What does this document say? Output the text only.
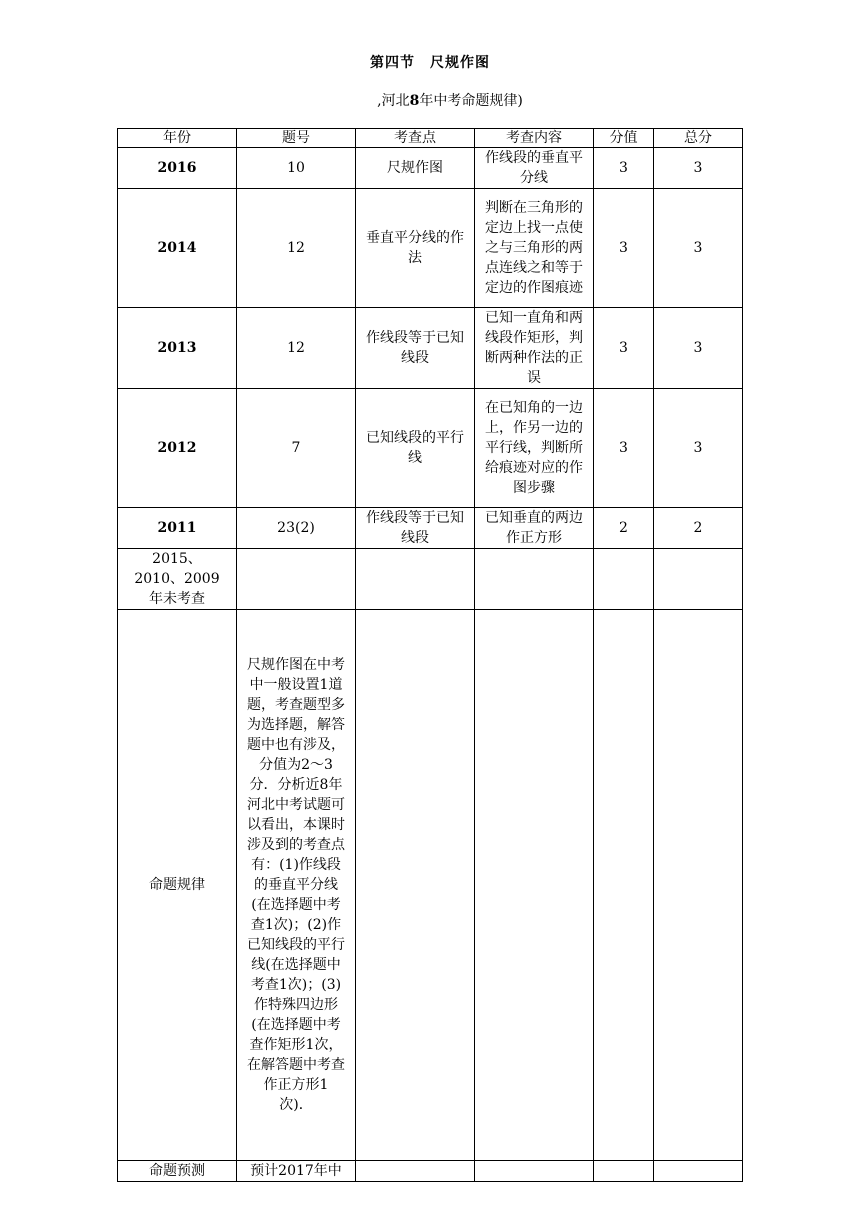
第四节　尺规作图
,河北8年中考命题规律)
年份	题号	考查点	考查内容	分值	总分
2016	10	尺规作图	作线段的垂直平分线	3	3
2014	12	垂直平分线的作法	判断在三角形的定边上找一点使之与三角形的两点连线之和等于定边的作图痕迹	3	3
2013	12	作线段等于已知线段	已知一直角和两线段作矩形，判断两种作法的正误	3	3
2012	7	已知线段的平行线	在已知角的一边上，作另一边的平行线，判断所给痕迹对应的作图步骤	3	3
2011	23(2)	作线段等于已知线段	已知垂直的两边作正方形	2	2
2015、2010、2009年未考查					
命题规律	尺规作图在中考中一般设置1道题，考查题型多为选择题，解答题中也有涉及，分值为2～3分．分析近8年河北中考试题可以看出，本课时涉及到的考查点有：(1)作线段的垂直平分线(在选择题中考查1次)；(2)作已知线段的平行线(在选择题中考查1次)；(3)作特殊四边形(在选择题中考查作矩形1次，在解答题中考查作正方形1次)．				
命题预测	预计2017年中				
